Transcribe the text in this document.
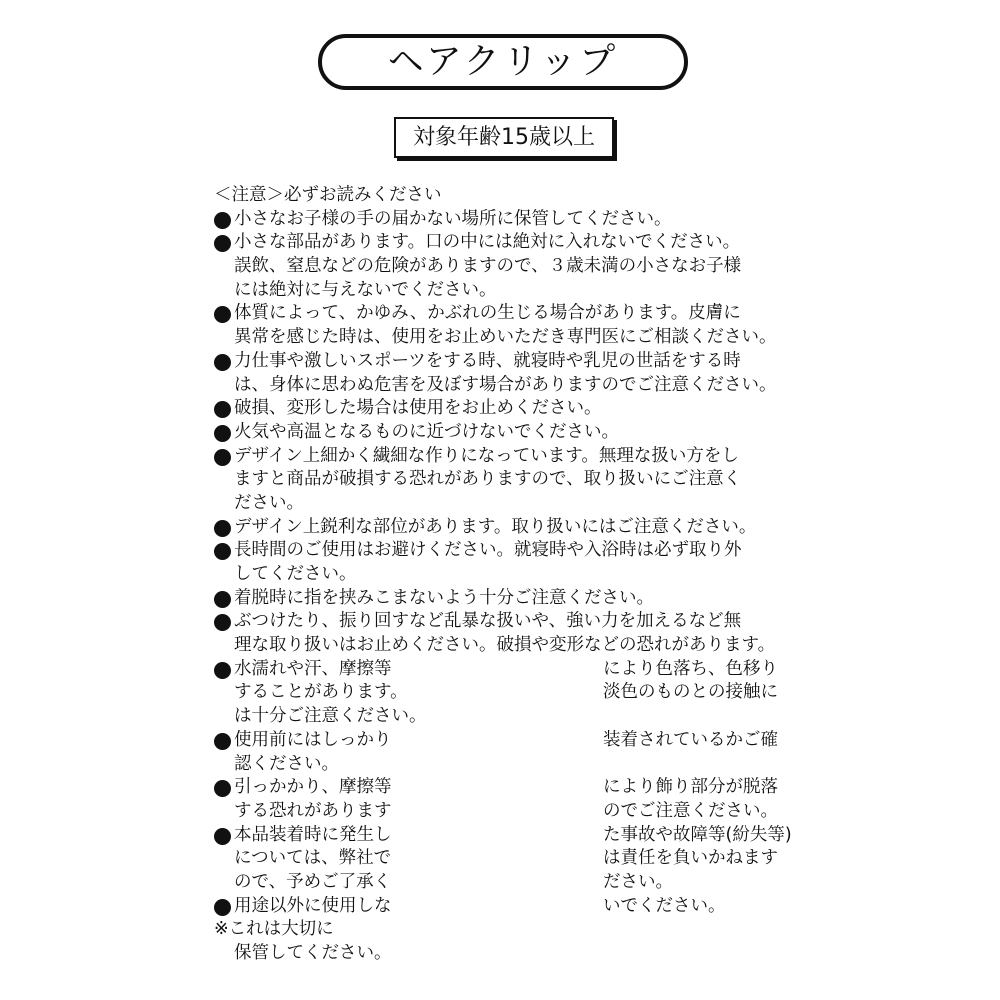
ヘアクリップ
対象年齢15歳以上
＜注意＞必ずお読みください
小さなお子様の手の届かない場所に保管してください。
小さな部品があります。口の中には絶対に入れないでください。
誤飲、窒息などの危険がありますので、３歳未満の小さなお子様
には絶対に与えないでください。
体質によって、かゆみ、かぶれの生じる場合があります。皮膚に
異常を感じた時は、使用をお止めいただき専門医にご相談ください。
力仕事や激しいスポーツをする時、就寝時や乳児の世話をする時
は、身体に思わぬ危害を及ぼす場合がありますのでご注意ください。
破損、変形した場合は使用をお止めください。
火気や高温となるものに近づけないでください。
デザイン上細かく繊細な作りになっています。無理な扱い方をし
ますと商品が破損する恐れがありますので、取り扱いにご注意く
ださい。
デザイン上鋭利な部位があります。取り扱いにはご注意ください。
長時間のご使用はお避けください。就寝時や入浴時は必ず取り外
してください。
着脱時に指を挟みこまないよう十分ご注意ください。
ぶつけたり、振り回すなど乱暴な扱いや、強い力を加えるなど無
理な取り扱いはお止めください。破損や変形などの恐れがあります。
水濡れや汗、摩擦等	により色落ち、色移り
することがあります。	淡色のものとの接触に
は十分ご注意ください。
使用前にはしっかり	装着されているかご確
認ください。
引っかかり、摩擦等	により飾り部分が脱落
する恐れがあります	のでご注意ください。
本品装着時に発生し	た事故や故障等(紛失等)
については、弊社で	は責任を負いかねます
ので、予めご了承く	ださい。
用途以外に使用しな	いでください。
※これは大切に
保管してください。
